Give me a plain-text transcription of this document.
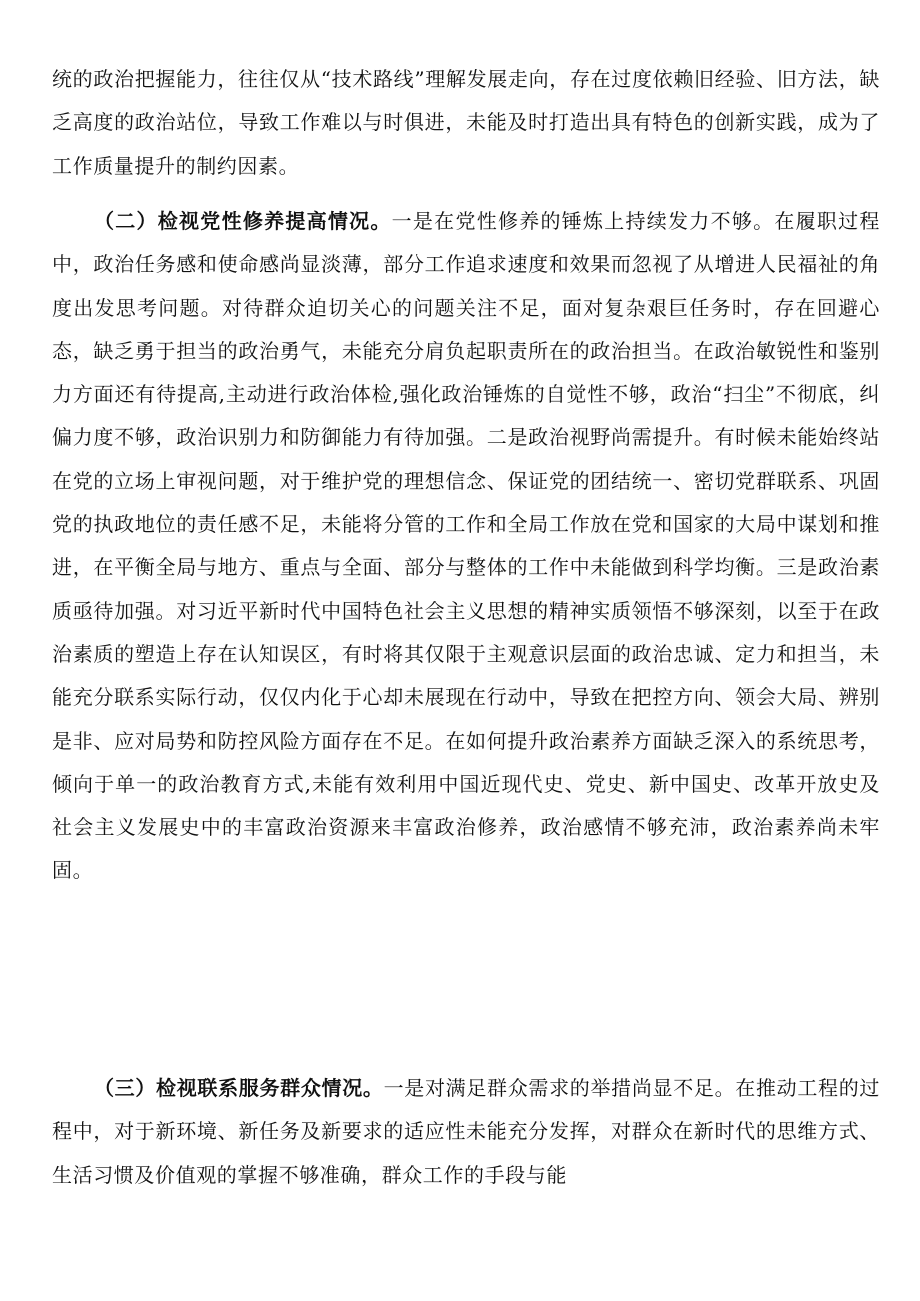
统的政治把握能力，往往仅从“技术路线”理解发展走向，存在过度依赖旧经验、旧方法，缺乏高度的政治站位，导致工作难以与时俱进，未能及时打造出具有特色的创新实践，成为了工作质量提升的制约因素。

（二）检视党性修养提高情况。一是在党性修养的锤炼上持续发力不够。在履职过程中，政治任务感和使命感尚显淡薄，部分工作追求速度和效果而忽视了从增进人民福祉的角度出发思考问题。对待群众迫切关心的问题关注不足，面对复杂艰巨任务时，存在回避心态，缺乏勇于担当的政治勇气，未能充分肩负起职责所在的政治担当。在政治敏锐性和鉴别力方面还有待提高,主动进行政治体检,强化政治锤炼的自觉性不够，政治“扫尘”不彻底，纠偏力度不够，政治识别力和防御能力有待加强。二是政治视野尚需提升。有时候未能始终站在党的立场上审视问题，对于维护党的理想信念、保证党的团结统一、密切党群联系、巩固党的执政地位的责任感不足，未能将分管的工作和全局工作放在党和国家的大局中谋划和推进，在平衡全局与地方、重点与全面、部分与整体的工作中未能做到科学均衡。三是政治素质亟待加强。对习近平新时代中国特色社会主义思想的精神实质领悟不够深刻，以至于在政治素质的塑造上存在认知误区，有时将其仅限于主观意识层面的政治忠诚、定力和担当，未能充分联系实际行动，仅仅内化于心却未展现在行动中，导致在把控方向、领会大局、辨别是非、应对局势和防控风险方面存在不足。在如何提升政治素养方面缺乏深入的系统思考，倾向于单一的政治教育方式,未能有效利用中国近现代史、党史、新中国史、改革开放史及社会主义发展史中的丰富政治资源来丰富政治修养，政治感情不够充沛，政治素养尚未牢固。

（三）检视联系服务群众情况。一是对满足群众需求的举措尚显不足。在推动工程的过程中，对于新环境、新任务及新要求的适应性未能充分发挥，对群众在新时代的思维方式、生活习惯及价值观的掌握不够准确，群众工作的手段与能
